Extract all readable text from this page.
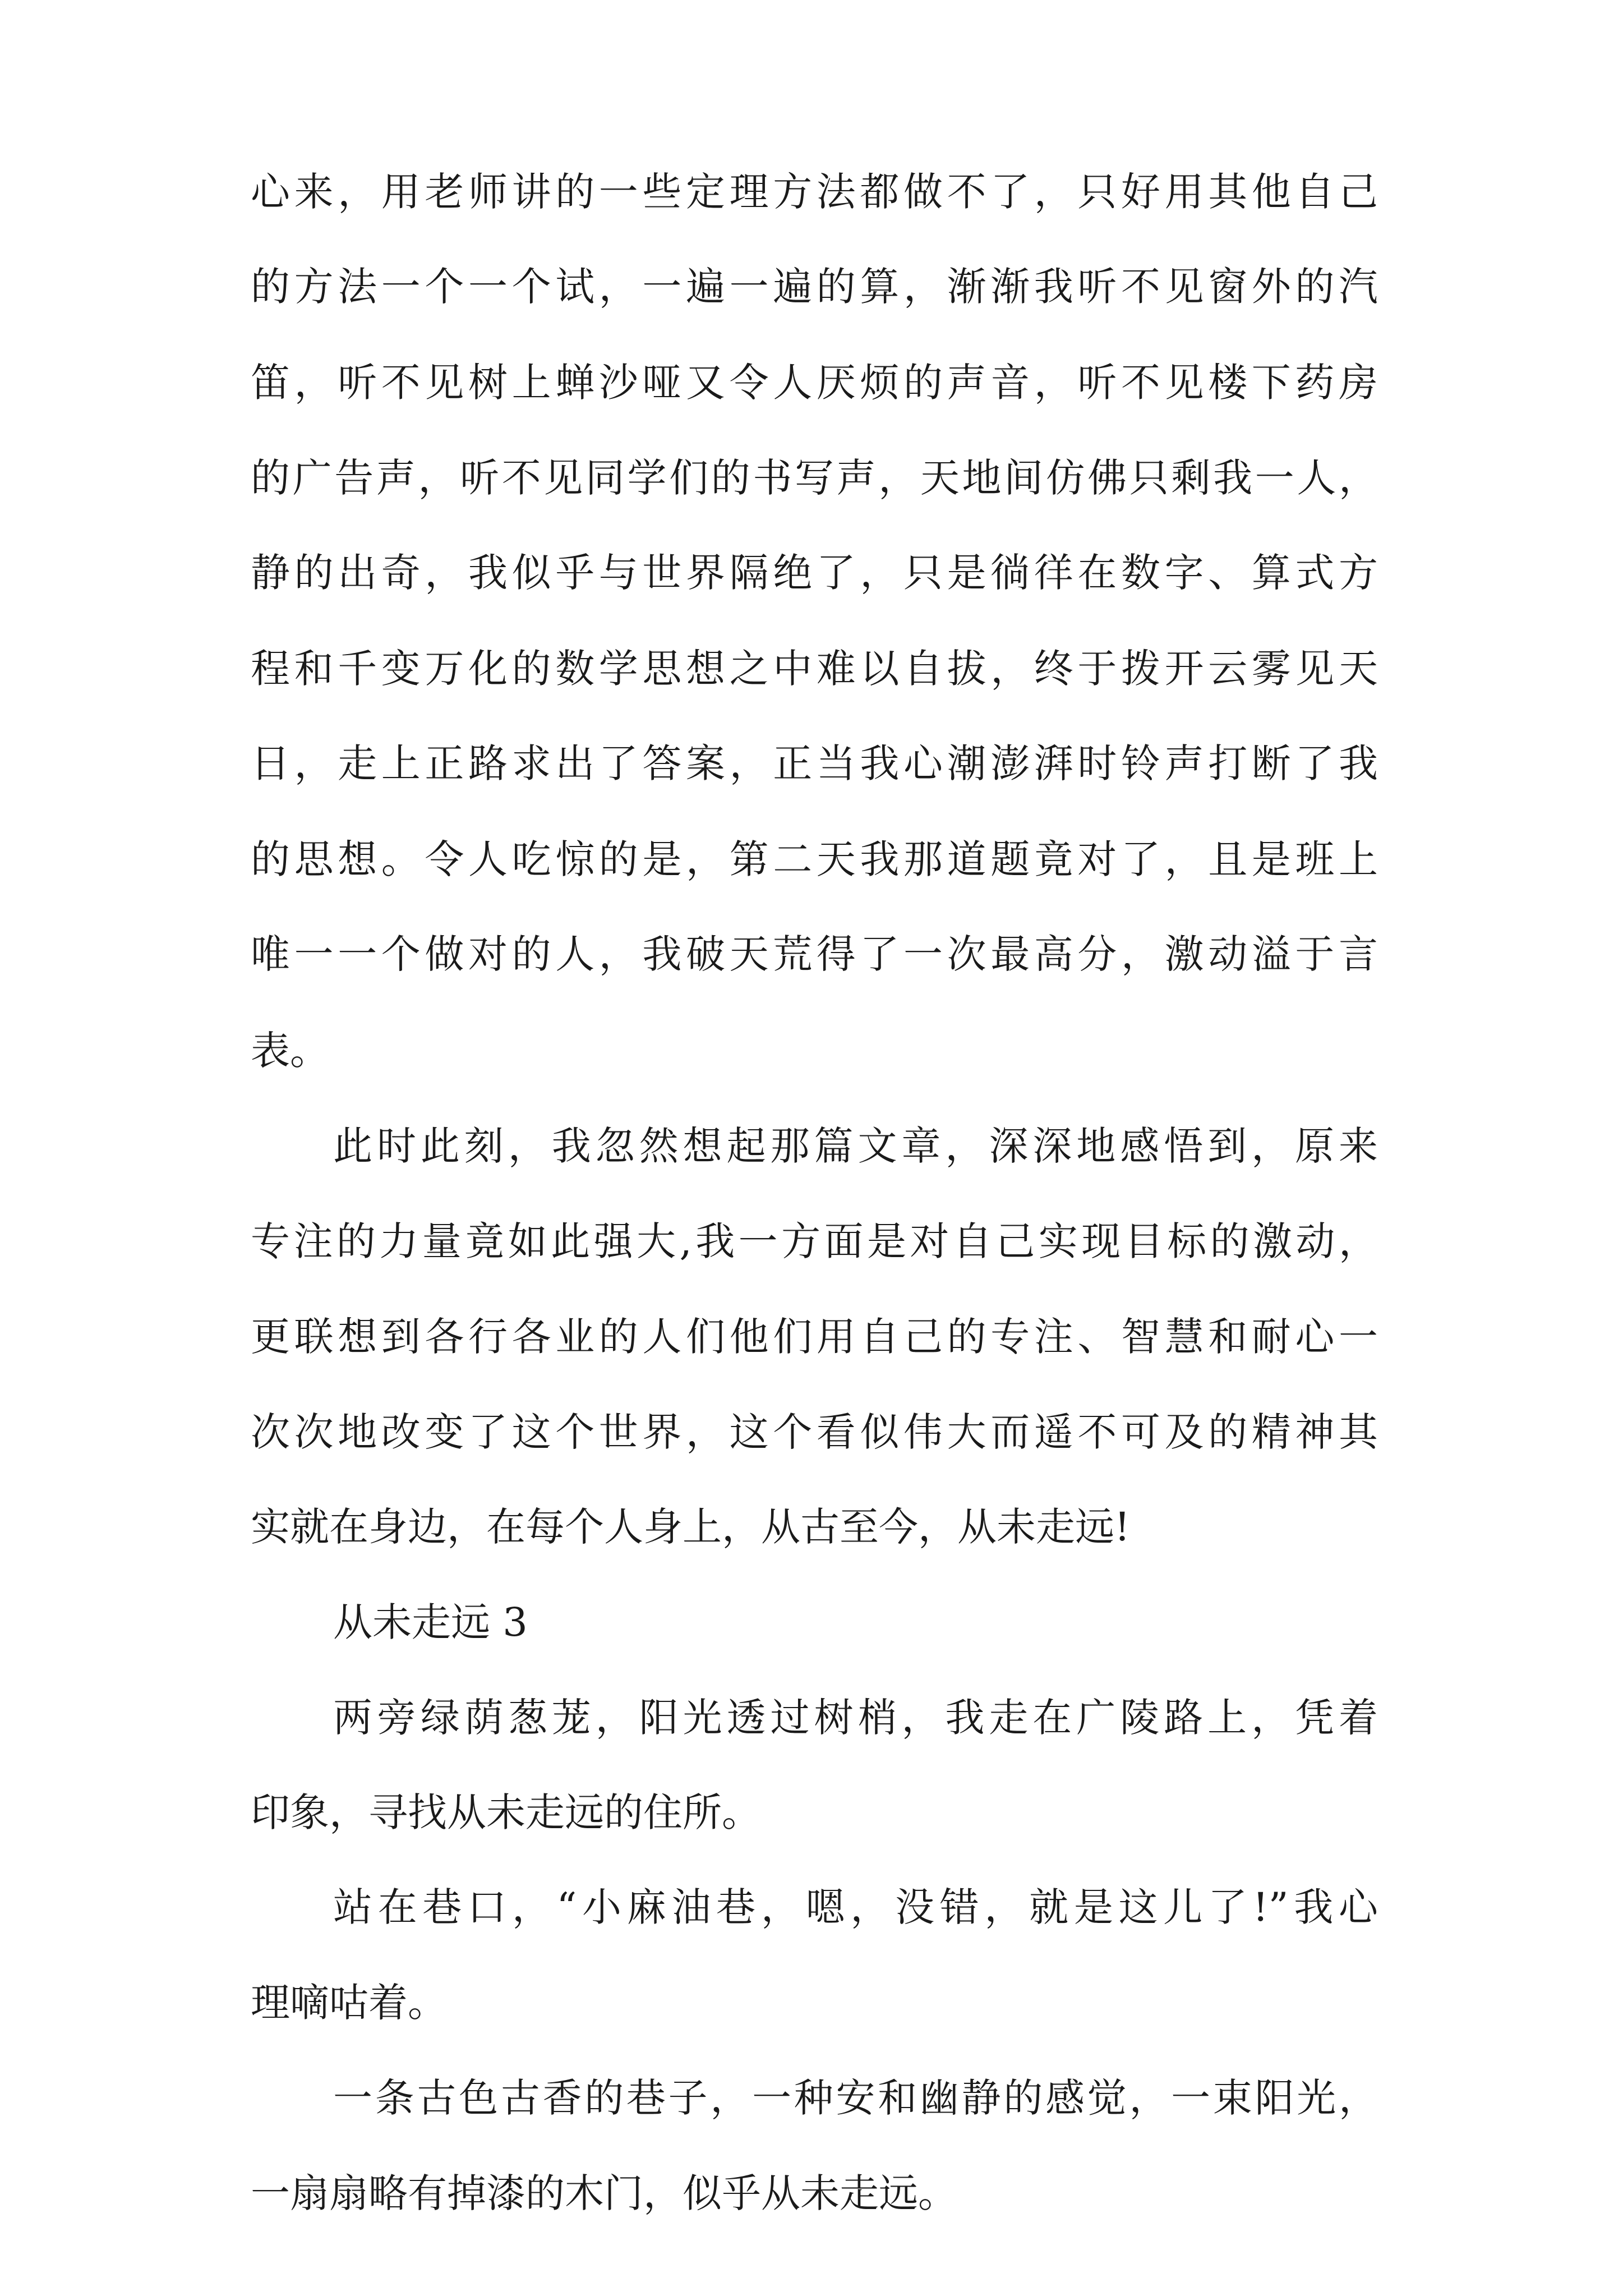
心来，用老师讲的一些定理方法都做不了，只好用其他自己
的方法一个一个试，一遍一遍的算，渐渐我听不见窗外的汽
笛，听不见树上蝉沙哑又令人厌烦的声音，听不见楼下药房
的广告声，听不见同学们的书写声，天地间仿佛只剩我一人，
静的出奇，我似乎与世界隔绝了，只是徜徉在数字、算式方
程和千变万化的数学思想之中难以自拔，终于拨开云雾见天
日，走上正路求出了答案，正当我心潮澎湃时铃声打断了我
的思想。令人吃惊的是，第二天我那道题竟对了，且是班上
唯一一个做对的人，我破天荒得了一次最高分，激动溢于言
表。
此时此刻，我忽然想起那篇文章，深深地感悟到，原来
专注的力量竟如此强大,我一方面是对自己实现目标的激动，
更联想到各行各业的人们他们用自己的专注、智慧和耐心一
次次地改变了这个世界，这个看似伟大而遥不可及的精神其
实就在身边，在每个人身上，从古至今，从未走远!
从未走远 3
两旁绿荫葱茏，阳光透过树梢，我走在广陵路上，凭着
印象，寻找从未走远的住所。
站在巷口，“小麻油巷，嗯，没错，就是这儿了!”我心
理嘀咕着。
一条古色古香的巷子，一种安和幽静的感觉，一束阳光，
一扇扇略有掉漆的木门，似乎从未走远。
